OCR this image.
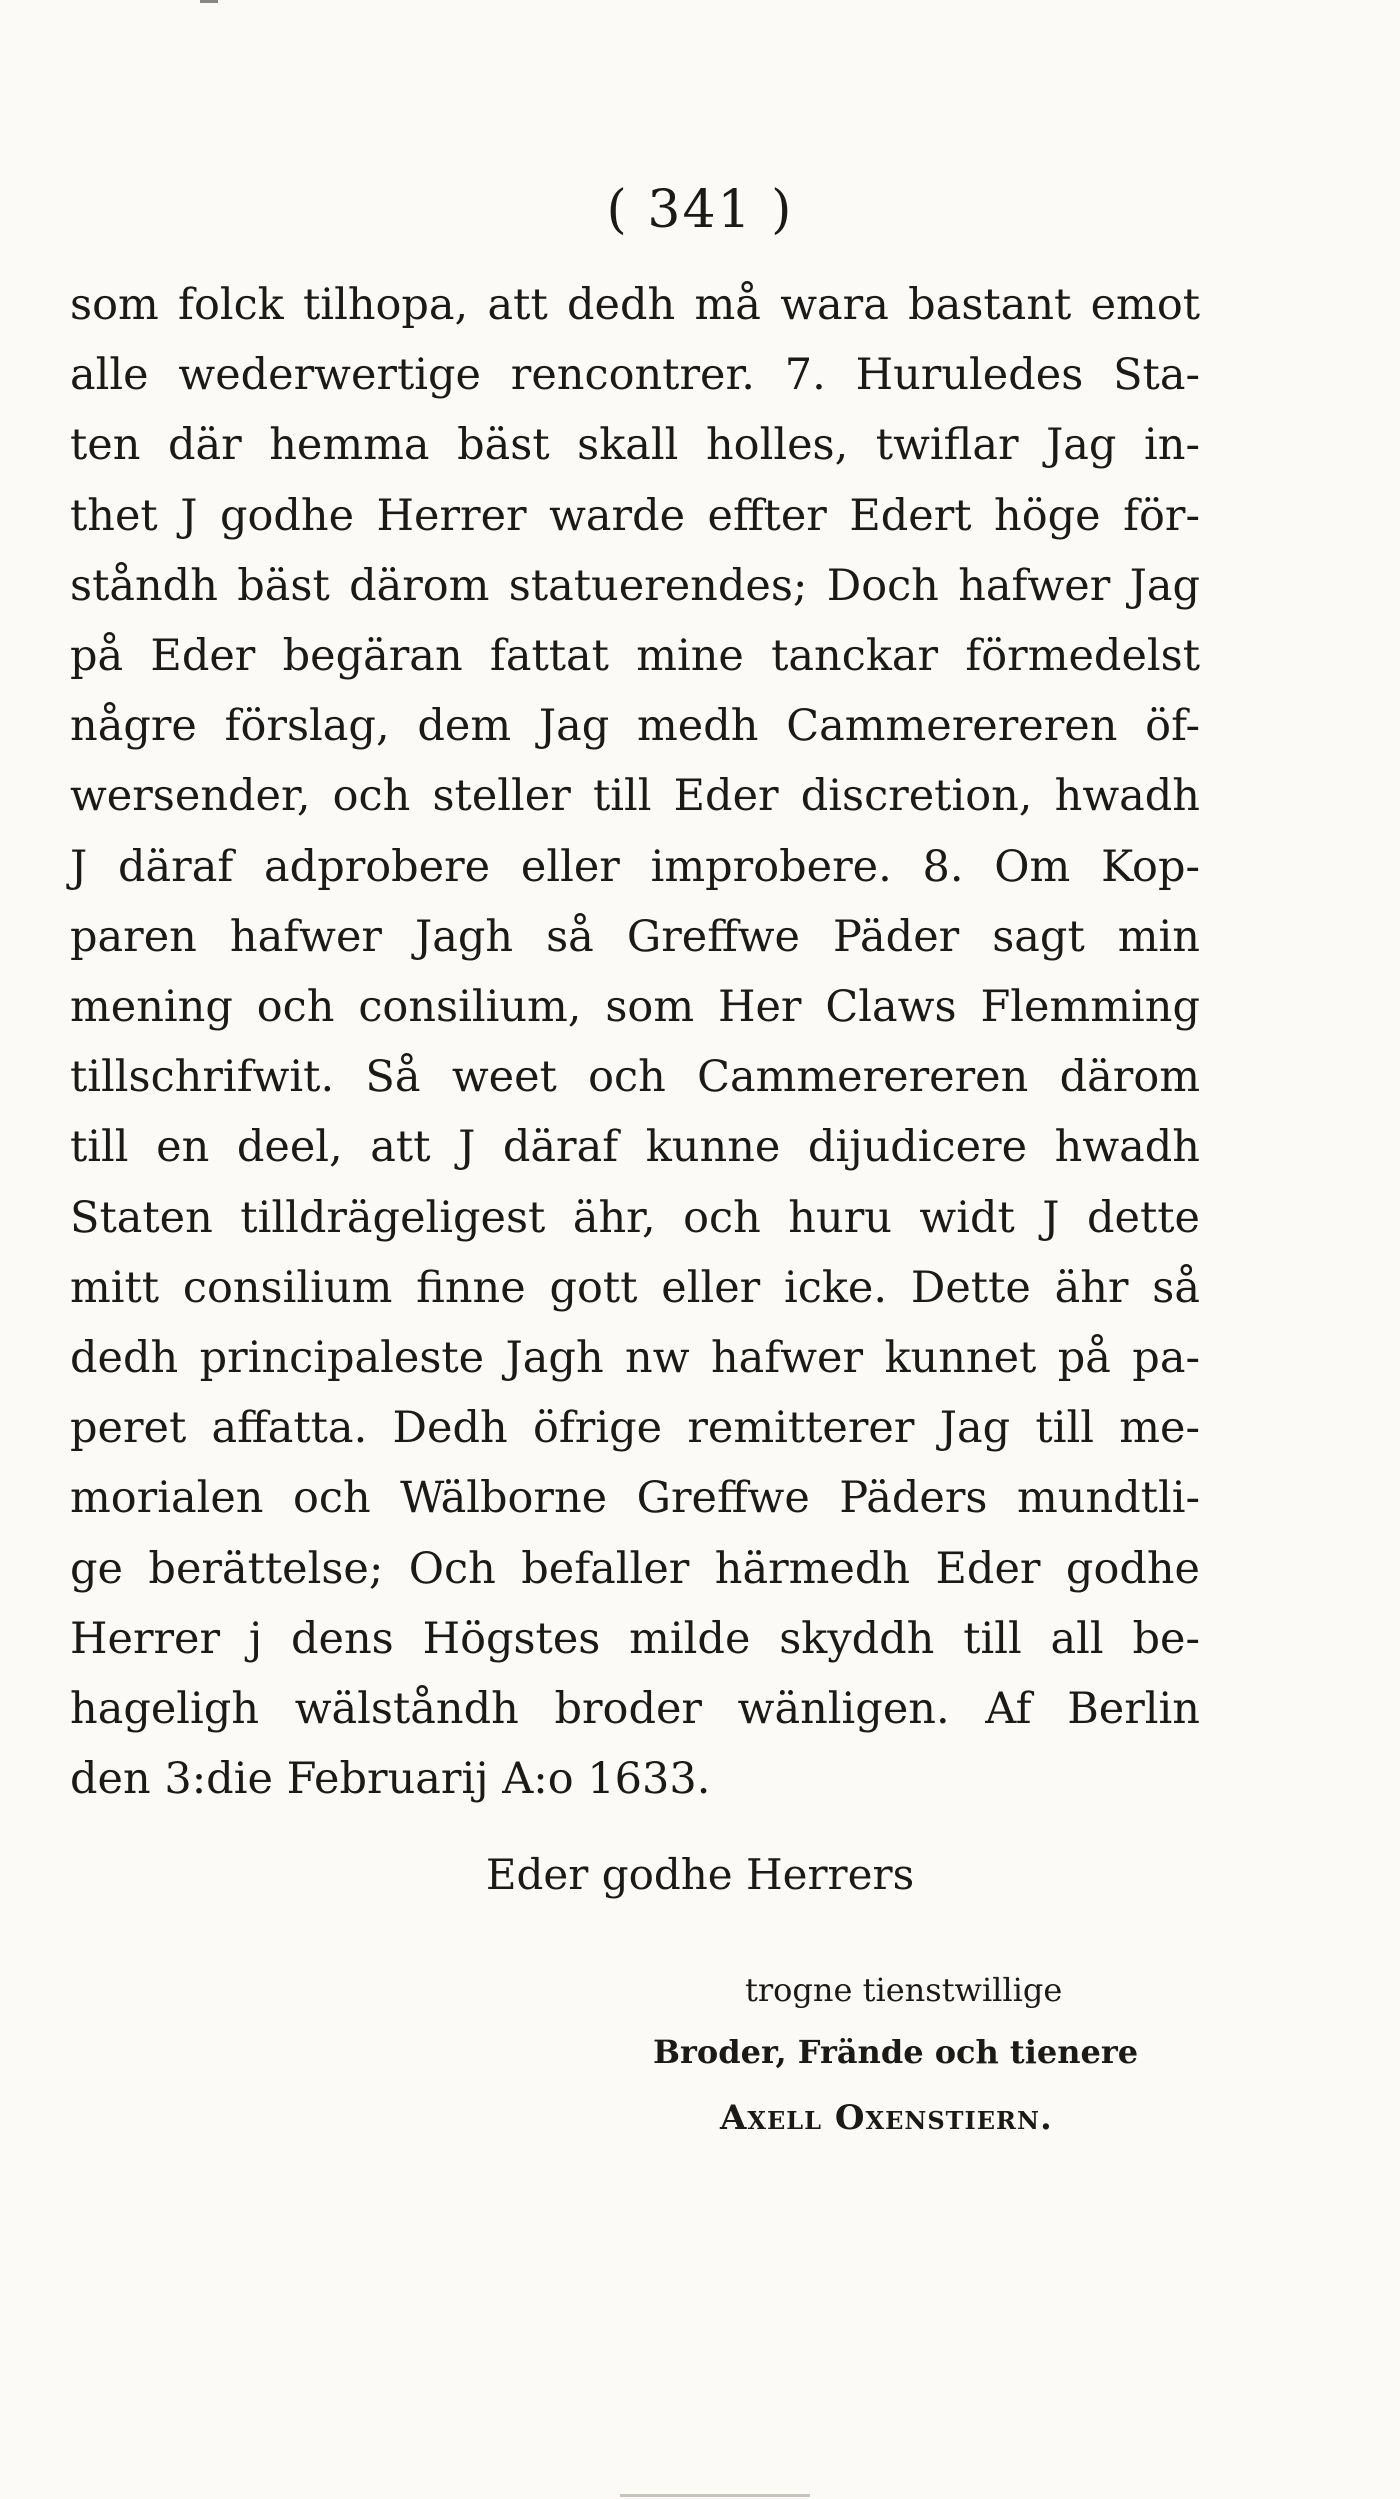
( 341 )
som folck tilhopa, att dedh må wara bastant emot
alle wederwertige rencontrer. 7. Huruledes Sta-
ten där hemma bäst skall holles, twiflar Jag in-
thet J godhe Herrer warde effter Edert höge för-
ståndh bäst därom statuerendes; Doch hafwer Jag
på Eder begäran fattat mine tanckar förmedelst
någre förslag, dem Jag medh Cammerereren öf-
wersender, och steller till Eder discretion, hwadh
J däraf adprobere eller improbere. 8. Om Kop-
paren hafwer Jagh så Greffwe Päder sagt min
mening och consilium, som Her Claws Flemming
tillschrifwit. Så weet och Cammerereren därom
till en deel, att J däraf kunne dijudicere hwadh
Staten tilldrägeligest ähr, och huru widt J dette
mitt consilium finne gott eller icke. Dette ähr så
dedh principaleste Jagh nw hafwer kunnet på pa-
peret affatta. Dedh öfrige remitterer Jag till me-
morialen och Wälborne Greffwe Päders mundtli-
ge berättelse; Och befaller härmedh Eder godhe
Herrer j dens Högstes milde skyddh till all be-
hageligh wälståndh broder wänligen. Af Berlin
den 3:die Februarij A:o 1633.
Eder godhe Herrers
trogne tienstwillige
Broder, Frände och tienere
Axell Oxenstiern.
